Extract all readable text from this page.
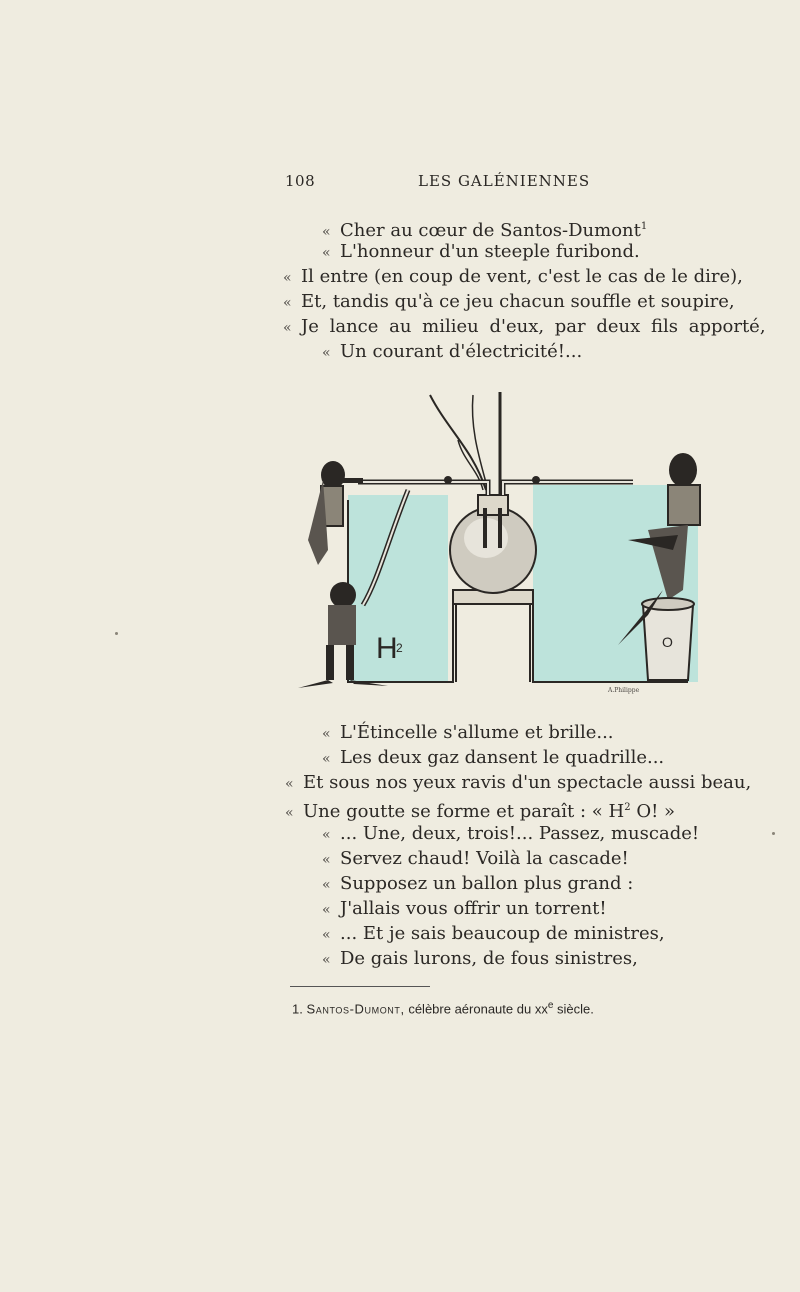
108	LES GALÉNIENNES
« Cher au cœur de Santos-Dumont$^1$
« L'honneur d'un steeple furibond.
« Il entre (en coup de vent, c'est le cas de le dire),
« Et, tandis qu'à ce jeu chacun souffle et soupire,
« Je lance au milieu d'eux, par deux fils apporté,
« Un courant d'électricité!...
H
2	O
A.Philippe
« L'Étincelle s'allume et brille...
« Les deux gaz dansent le quadrille...
« Et sous nos yeux ravis d'un spectacle aussi beau,
« Une goutte se forme et paraît : « $H^2$ O! »
« ... Une, deux, trois!... Passez, muscade!
« Servez chaud! Voilà la cascade!
« Supposez un ballon plus grand :
« J'allais vous offrir un torrent!
« ... Et je sais beaucoup de ministres,
« De gais lurons, de fous sinistres,
1. Santos-Dumont, célèbre aéronaute du $xx^e$ siècle.
